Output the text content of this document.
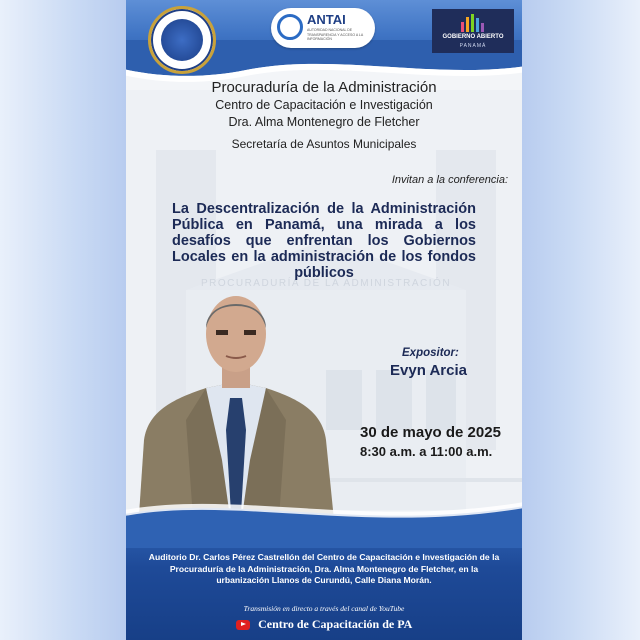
PROCURADURÍA DE LA ADMINISTRACIÓN
ANTAI
AUTORIDAD NACIONAL DE TRANSPARENCIA Y ACCESO A LA INFORMACIÓN	GOBIERNO ABIERTO
PANAMÁ
Procuraduría de la Administración
Centro de Capacitación e Investigación
Dra. Alma Montenegro de Fletcher
Secretaría de Asuntos Municipales
Invitan a la conferencia:
La Descentralización de la Administración Pública en Panamá, una mirada a los desafíos que enfrentan los Gobiernos Locales en la administración de los fondos públicos
Expositor:
Evyn Arcia
30 de mayo de 2025
8:30 a.m. a 11:00 a.m.
Auditorio Dr. Carlos Pérez Castrellón del Centro de Capacitación e Investigación de la Procuraduría de la Administración, Dra. Alma Montenegro de Fletcher, en la urbanización Llanos de Curundú, Calle Diana Morán.
Transmisión en directo a través del canal de YouTube
Centro de Capacitación de PA
